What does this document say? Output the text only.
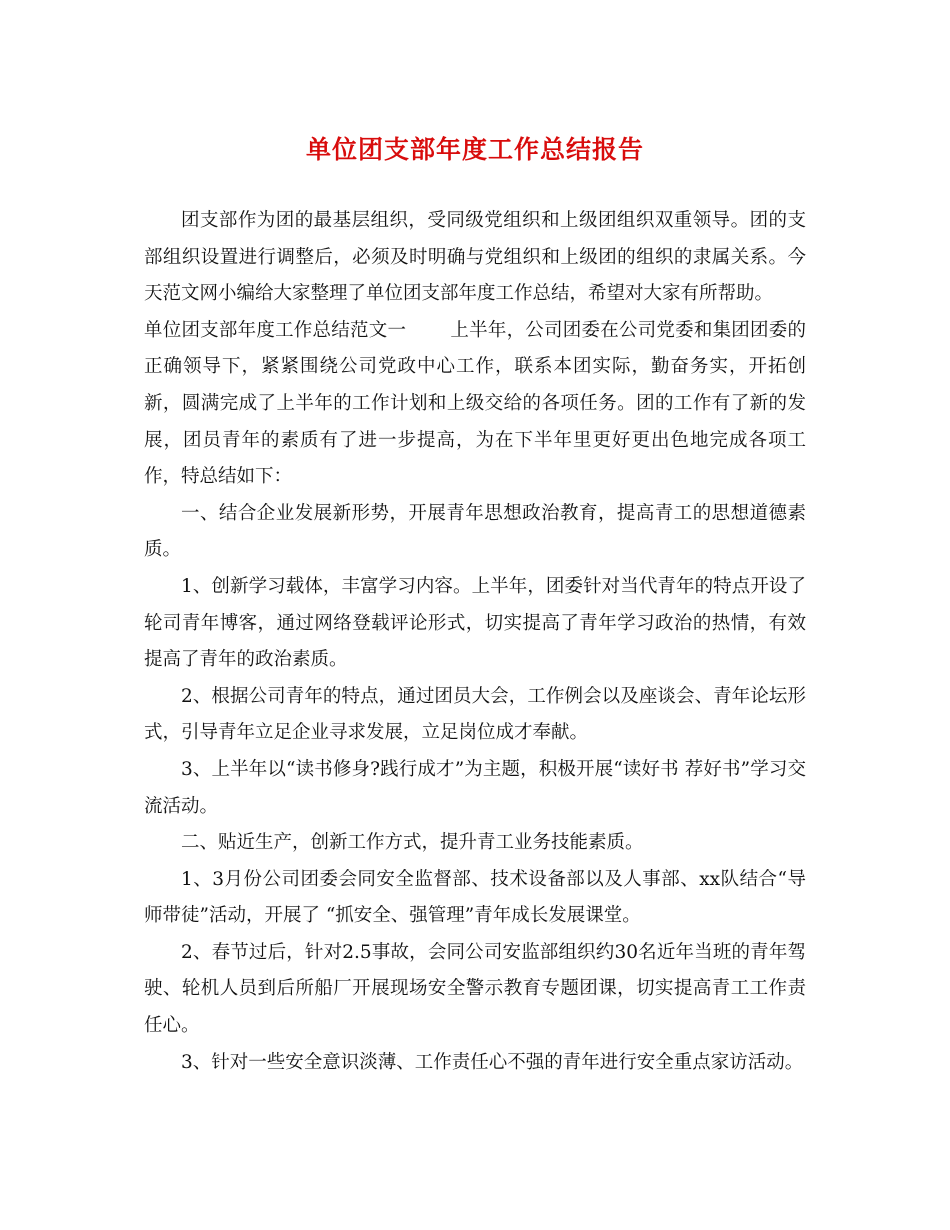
单位团支部年度工作总结报告

团支部作为团的最基层组织，受同级党组织和上级团组织双重领导。团的支部组织设置进行调整后，必须及时明确与党组织和上级团的组织的隶属关系。今天范文网小编给大家整理了单位团支部年度工作总结，希望对大家有所帮助。

单位团支部年度工作总结范文一 上半年，公司团委在公司党委和集团团委的正确领导下，紧紧围绕公司党政中心工作，联系本团实际，勤奋务实，开拓创新，圆满完成了上半年的工作计划和上级交给的各项任务。团的工作有了新的发展，团员青年的素质有了进一步提高，为在下半年里更好更出色地完成各项工作，特总结如下：

一、结合企业发展新形势，开展青年思想政治教育，提高青工的思想道德素质。

1、创新学习载体，丰富学习内容。上半年，团委针对当代青年的特点开设了轮司青年博客，通过网络登载评论形式，切实提高了青年学习政治的热情，有效提高了青年的政治素质。

2、根据公司青年的特点，通过团员大会，工作例会以及座谈会、青年论坛形式，引导青年立足企业寻求发展，立足岗位成才奉献。

3、上半年以“读书修身?践行成才”为主题，积极开展“读好书 荐好书”学习交流活动。

二、贴近生产，创新工作方式，提升青工业务技能素质。

1、3月份公司团委会同安全监督部、技术设备部以及人事部、xx队结合“导师带徒”活动，开展了 “抓安全、强管理”青年成长发展课堂。

2、春节过后，针对2.5事故，会同公司安监部组织约30名近年当班的青年驾驶、轮机人员到后所船厂开展现场安全警示教育专题团课，切实提高青工工作责任心。

3、针对一些安全意识淡薄、工作责任心不强的青年进行安全重点家访活动。
